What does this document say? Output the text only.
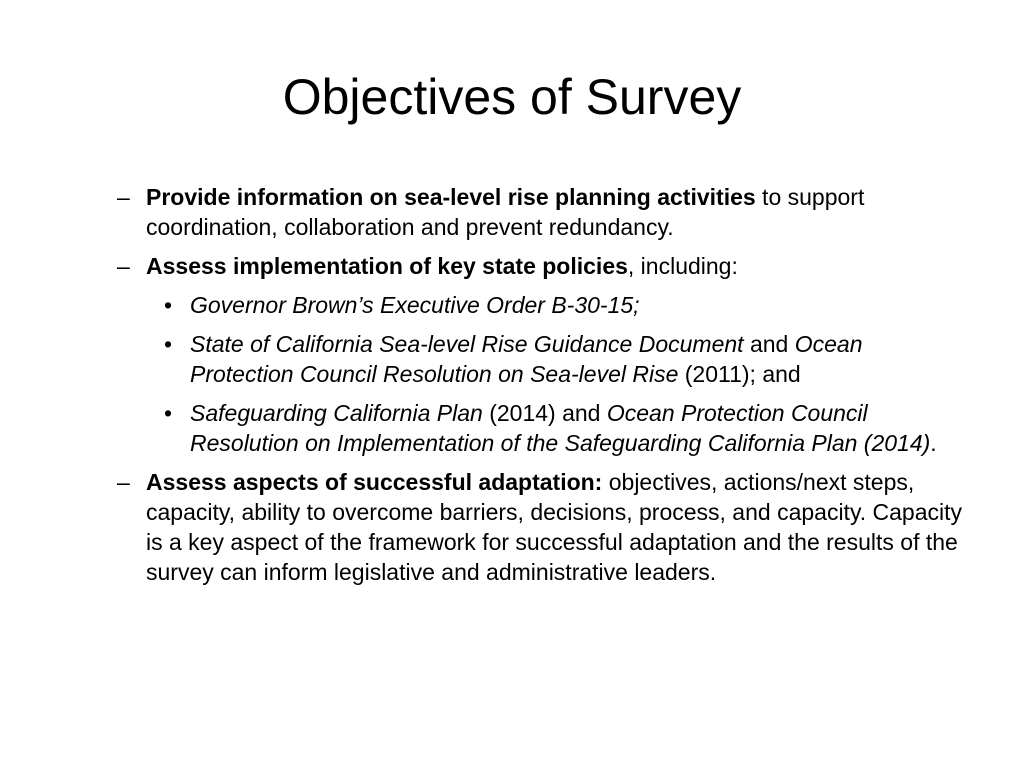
Objectives of Survey

– Provide information on sea-level rise planning activities to support coordination, collaboration and prevent redundancy.

– Assess implementation of key state policies, including:

• Governor Brown’s Executive Order B-30-15;

• State of California Sea-level Rise Guidance Document and Ocean Protection Council Resolution on Sea-level Rise (2011); and

• Safeguarding California Plan (2014) and Ocean Protection Council Resolution on Implementation of the Safeguarding California Plan (2014).

– Assess aspects of successful adaptation: objectives, actions/next steps, capacity, ability to overcome barriers, decisions, process, and capacity. Capacity is a key aspect of the framework for successful adaptation and the results of the survey can inform legislative and administrative leaders.
